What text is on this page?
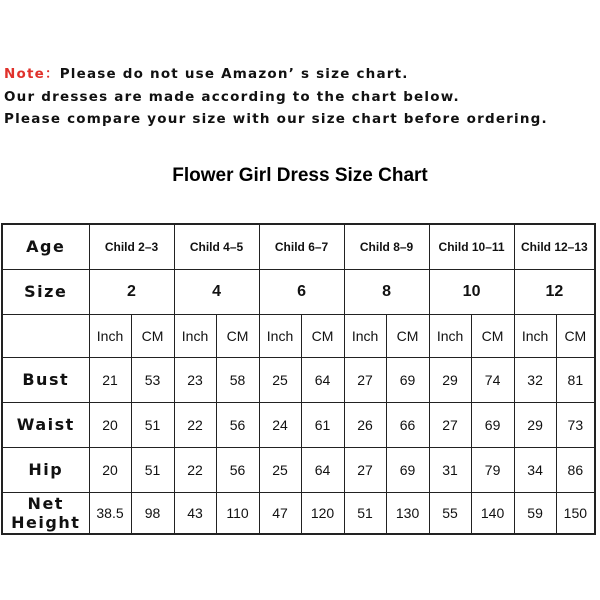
Note：Please do not use Amazon’ s size chart.
Our dresses are made according to the chart below.
Please compare your size with our size chart before ordering.
Flower Girl Dress Size Chart
Age	Child 2–3		Child 4–5		Child 6–7		Child 8–9		Child 10–11		Child 12–13	
Size	2		4		6		8		10		12	
	Inch	CM	Inch	CM	Inch	CM	Inch	CM	Inch	CM	Inch	CM
Bust	21	53	23	58	25	64	27	69	29	74	32	81
Waist	20	51	22	56	24	61	26	66	27	69	29	73
Hip	20	51	22	56	25	64	27	69	31	79	34	86
Net
Height	38.5	98	43	110	47	120	51	130	55	140	59	150
